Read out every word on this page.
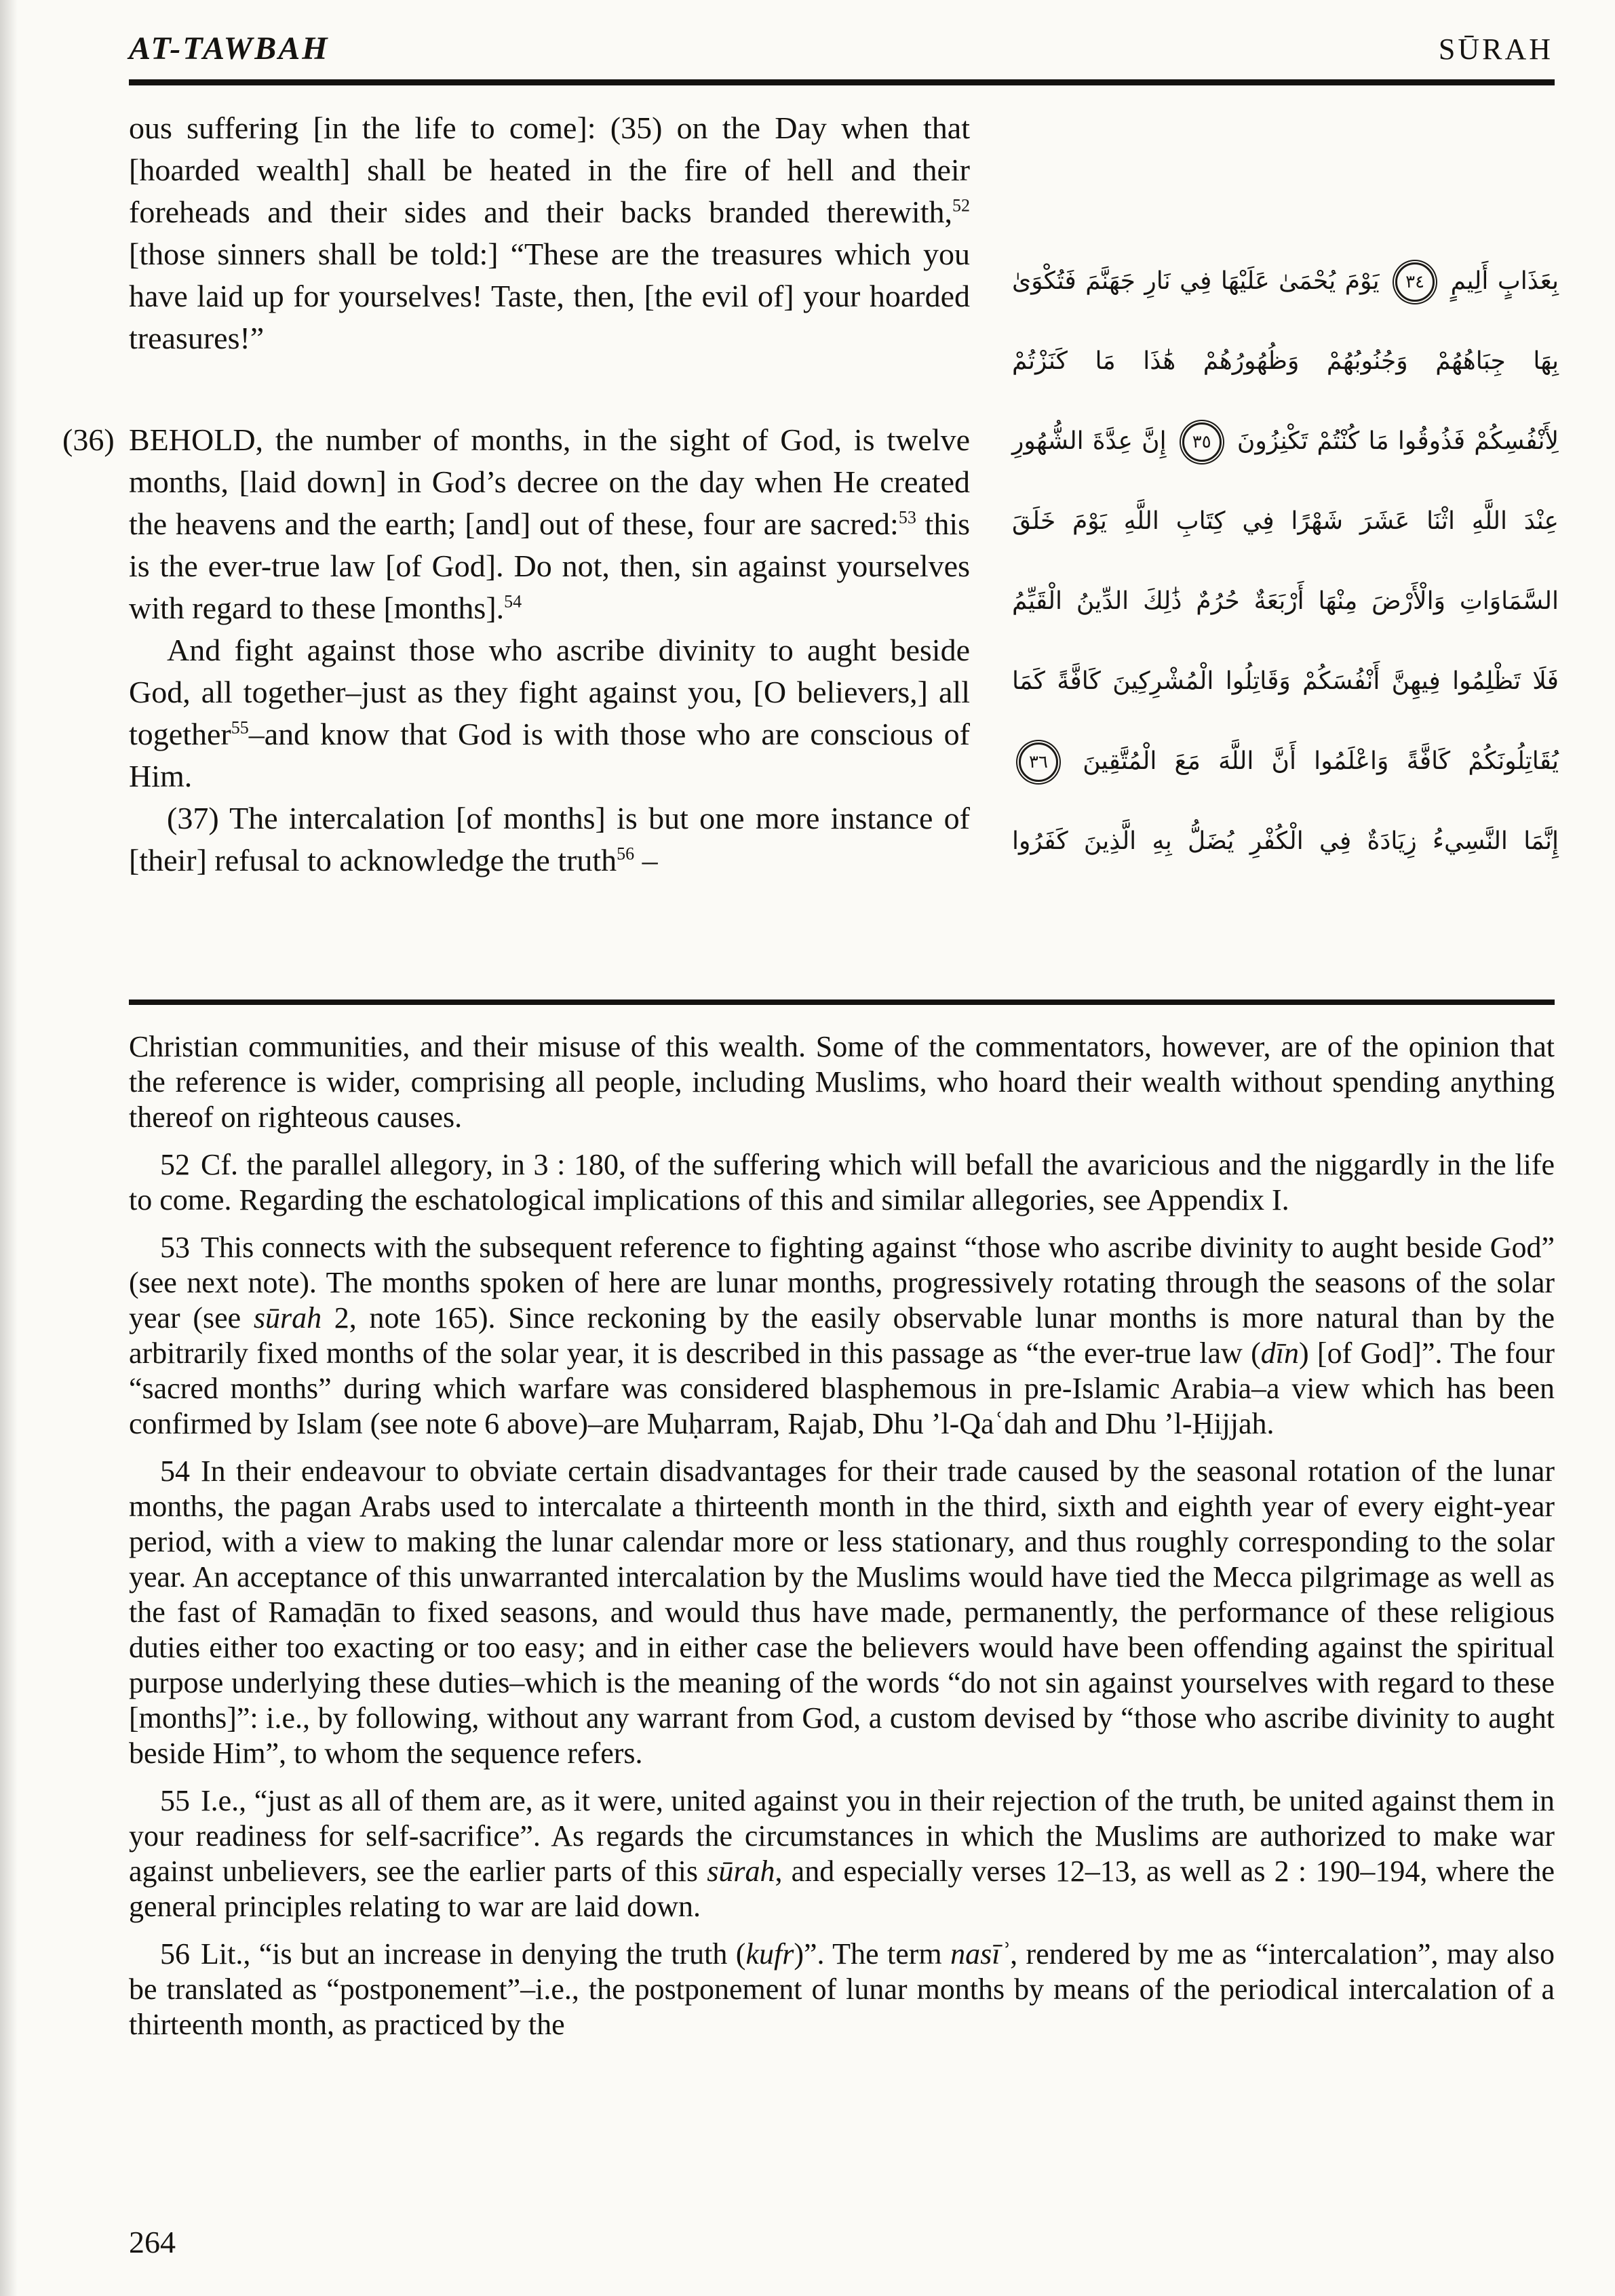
AT-TAWBAH	SŪRAH

ous suffering [in the life to come]: (35) on the Day when that [hoarded wealth] shall be heated in the fire of hell and their foreheads and their sides and their backs branded therewith,$^{52}$ [those sinners shall be told:] “These are the treasures which you have laid up for yourselves! Taste, then, [the evil of] your hoarded treasures!”

(36) BEHOLD, the number of months, in the sight of God, is twelve months, [laid down] in God’s decree on the day when He created the heavens and the earth; [and] out of these, four are sacred:$^{53}$ this is the ever-true law [of God]. Do not, then, sin against yourselves with regard to these [months].$^{54}$

And fight against those who ascribe divinity to aught beside God, all together–just as they fight against you, [O believers,] all together$^{55}$–and know that God is with those who are conscious of Him.

(37) The intercalation [of months] is but one more instance of [their] refusal to acknowledge the truth$^{56}$ –

بِعَذَابٍ أَلِيمٍ ٣٤ يَوْمَ يُحْمَىٰ عَلَيْهَا فِي نَارِ جَهَنَّمَ فَتُكْوَىٰ
بِهَا جِبَاهُهُمْ وَجُنُوبُهُمْ وَظُهُورُهُمْ هَٰذَا مَا كَنَزْتُمْ
لِأَنْفُسِكُمْ فَذُوقُوا مَا كُنْتُمْ تَكْنِزُونَ ٣٥ إِنَّ عِدَّةَ الشُّهُورِ
عِنْدَ اللَّهِ اثْنَا عَشَرَ شَهْرًا فِي كِتَابِ اللَّهِ يَوْمَ خَلَقَ
السَّمَاوَاتِ وَالْأَرْضَ مِنْهَا أَرْبَعَةٌ حُرُمٌ ذَٰلِكَ الدِّينُ الْقَيِّمُ
فَلَا تَظْلِمُوا فِيهِنَّ أَنْفُسَكُمْ وَقَاتِلُوا الْمُشْرِكِينَ كَافَّةً كَمَا
يُقَاتِلُونَكُمْ كَافَّةً وَاعْلَمُوا أَنَّ اللَّهَ مَعَ الْمُتَّقِينَ ٣٦
إِنَّمَا النَّسِيءُ زِيَادَةٌ فِي الْكُفْرِ يُضَلُّ بِهِ الَّذِينَ كَفَرُوا

Christian communities, and their misuse of this wealth. Some of the commentators, however, are of the opinion that the reference is wider, comprising all people, including Muslims, who hoard their wealth without spending anything thereof on righteous causes.

52 Cf. the parallel allegory, in 3 : 180, of the suffering which will befall the avaricious and the niggardly in the life to come. Regarding the eschatological implications of this and similar allegories, see Appendix I.

53 This connects with the subsequent reference to fighting against “those who ascribe divinity to aught beside God” (see next note). The months spoken of here are lunar months, progressively rotating through the seasons of the solar year (see sūrah 2, note 165). Since reckoning by the easily observable lunar months is more natural than by the arbitrarily fixed months of the solar year, it is described in this passage as “the ever-true law (dīn) [of God]”. The four “sacred months” during which warfare was considered blasphemous in pre-Islamic Arabia–a view which has been confirmed by Islam (see note 6 above)–are Muḥarram, Rajab, Dhu ’l-Qaʿdah and Dhu ’l-Ḥijjah.

54 In their endeavour to obviate certain disadvantages for their trade caused by the seasonal rotation of the lunar months, the pagan Arabs used to intercalate a thirteenth month in the third, sixth and eighth year of every eight-year period, with a view to making the lunar calendar more or less stationary, and thus roughly corresponding to the solar year. An acceptance of this unwarranted intercalation by the Muslims would have tied the Mecca pilgrimage as well as the fast of Ramaḍān to fixed seasons, and would thus have made, permanently, the performance of these religious duties either too exacting or too easy; and in either case the believers would have been offending against the spiritual purpose underlying these duties–which is the meaning of the words “do not sin against yourselves with regard to these [months]”: i.e., by following, without any warrant from God, a custom devised by “those who ascribe divinity to aught beside Him”, to whom the sequence refers.

55 I.e., “just as all of them are, as it were, united against you in their rejection of the truth, be united against them in your readiness for self-sacrifice”. As regards the circumstances in which the Muslims are authorized to make war against unbelievers, see the earlier parts of this sūrah, and especially verses 12–13, as well as 2 : 190–194, where the general principles relating to war are laid down.

56 Lit., “is but an increase in denying the truth (kufr)”. The term nasīʾ, rendered by me as “intercalation”, may also be translated as “postponement”–i.e., the postponement of lunar months by means of the periodical intercalation of a thirteenth month, as practiced by the

264
